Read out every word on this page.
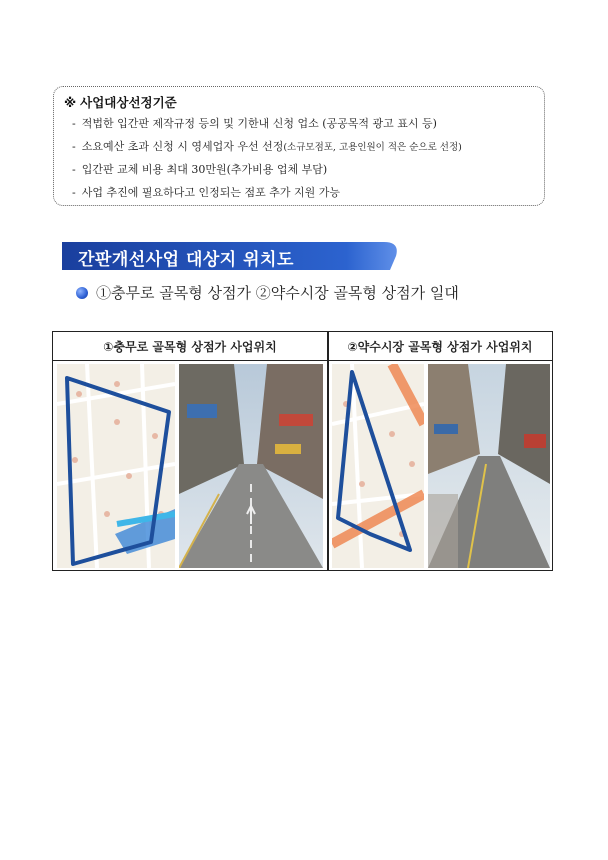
※ 사업대상선정기준
- 적법한 입간판 제작규정 등의 및 기한내 신청 업소 (공공목적 광고 표시 등)
- 소요예산 초과 신청 시 영세업자 우선 선정(소규모점포, 고용인원이 적은 순으로 선정)
- 입간판 교체 비용 최대 30만원(추가비용 업체 부담)
- 사업 추진에 필요하다고 인정되는 점포 추가 지원 가능
간판개선사업 대상지 위치도
①충무로 골목형 상점가 ②약수시장 골목형 상점가 일대
①충무로 골목형 상점가 사업위치	②약수시장 골목형 상점가 사업위치
